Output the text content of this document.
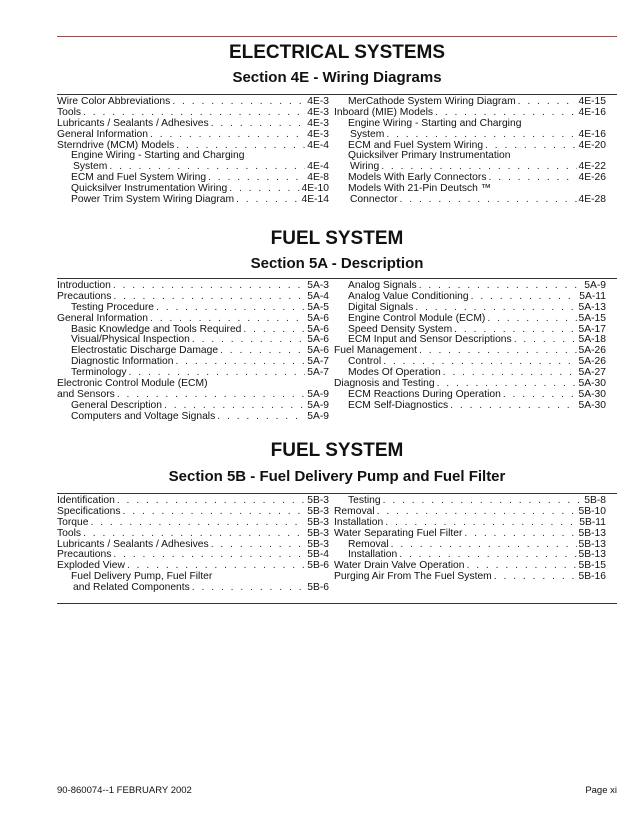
ELECTRICAL SYSTEMS
Section 4E - Wiring Diagrams
Wire Color Abbreviations . . .	4E-3
Tools . . .	4E-3
Lubricants / Sealants / Adhesives . . .	4E-3
General Information . . .	4E-3
Sterndrive (MCM) Models . . .	4E-4
Engine Wiring - Starting and Charging
System . . .	4E-4
ECM and Fuel System Wiring . . .	4E-8
Quicksilver Instrumentation Wiring . . .	4E-10
Power Trim System Wiring Diagram . . .	4E-14
MerCathode System Wiring Diagram . . .	4E-15
Inboard (MIE) Models . . .	4E-16
Engine Wiring - Starting and Charging
System . . .	4E-16
ECM and Fuel System Wiring . . .	4E-20
Quicksilver Primary Instrumentation
Wiring . . .	4E-22
Models With Early Connectors . . .	4E-26
Models With 21-Pin Deutsch ™
Connector . . .	4E-28
FUEL SYSTEM
Section 5A - Description
Introduction . . .	5A-3
Precautions . . .	5A-4
Testing Procedure . . .	5A-5
General Information . . .	5A-6
Basic Knowledge and Tools Required . . .	5A-6
Visual/Physical Inspection . . .	5A-6
Electrostatic Discharge Damage . . .	5A-6
Diagnostic Information . . .	5A-7
Terminology . . .	5A-7
Electronic Control Module (ECM)
and Sensors . . .	5A-9
General Description . . .	5A-9
Computers and Voltage Signals . . .	5A-9
Analog Signals . . .	5A-9
Analog Value Conditioning . . .	5A-11
Digital Signals . . .	5A-13
Engine Control Module (ECM) . . .	5A-15
Speed Density System . . .	5A-17
ECM Input and Sensor Descriptions . . .	5A-18
Fuel Management . . .	5A-26
Control . . .	5A-26
Modes Of Operation . . .	5A-27
Diagnosis and Testing . . .	5A-30
ECM Reactions During Operation . . .	5A-30
ECM Self-Diagnostics . . .	5A-30
FUEL SYSTEM
Section 5B - Fuel Delivery Pump and Fuel Filter
Identification . . .	5B-3
Specifications . . .	5B-3
Torque . . .	5B-3
Tools . . .	5B-3
Lubricants / Sealants / Adhesives . . .	5B-3
Precautions . . .	5B-4
Exploded View . . .	5B-6
Fuel Delivery Pump, Fuel Filter
and Related Components . . .	5B-6
Testing . . .	5B-8
Removal . . .	5B-10
Installation . . .	5B-11
Water Separating Fuel Filter . . .	5B-13
Removal . . .	5B-13
Installation . . .	5B-13
Water Drain Valve Operation . . .	5B-15
Purging Air From The Fuel System . . .	5B-16
90-860074--1 FEBRUARY 2002	Page xi
